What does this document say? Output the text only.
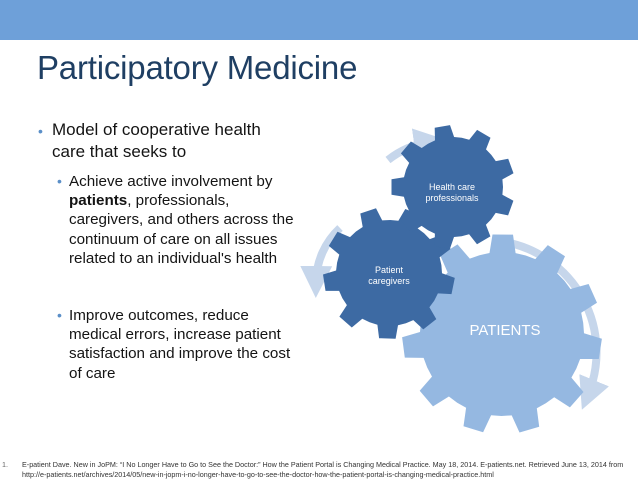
Participatory Medicine
• Model of cooperative health care that seeks to
• Achieve active involvement by patients, professionals, caregivers, and others across the continuum of care on all issues related to an individual's health
• Improve outcomes, reduce medical errors, increase patient satisfaction and improve the cost of care
PATIENTS
Patient
caregivers
Health care
professionals
1. E-patient Dave. New in JoPM: “I No Longer Have to Go to See the Doctor:” How the Patient Portal is Changing Medical Practice. May 18, 2014. E-patients.net. Retrieved June 13, 2014 from http://e-patients.net/archives/2014/05/new-in-jopm-i-no-longer-have-to-go-to-see-the-doctor-how-the-patient-portal-is-changing-medical-practice.html
